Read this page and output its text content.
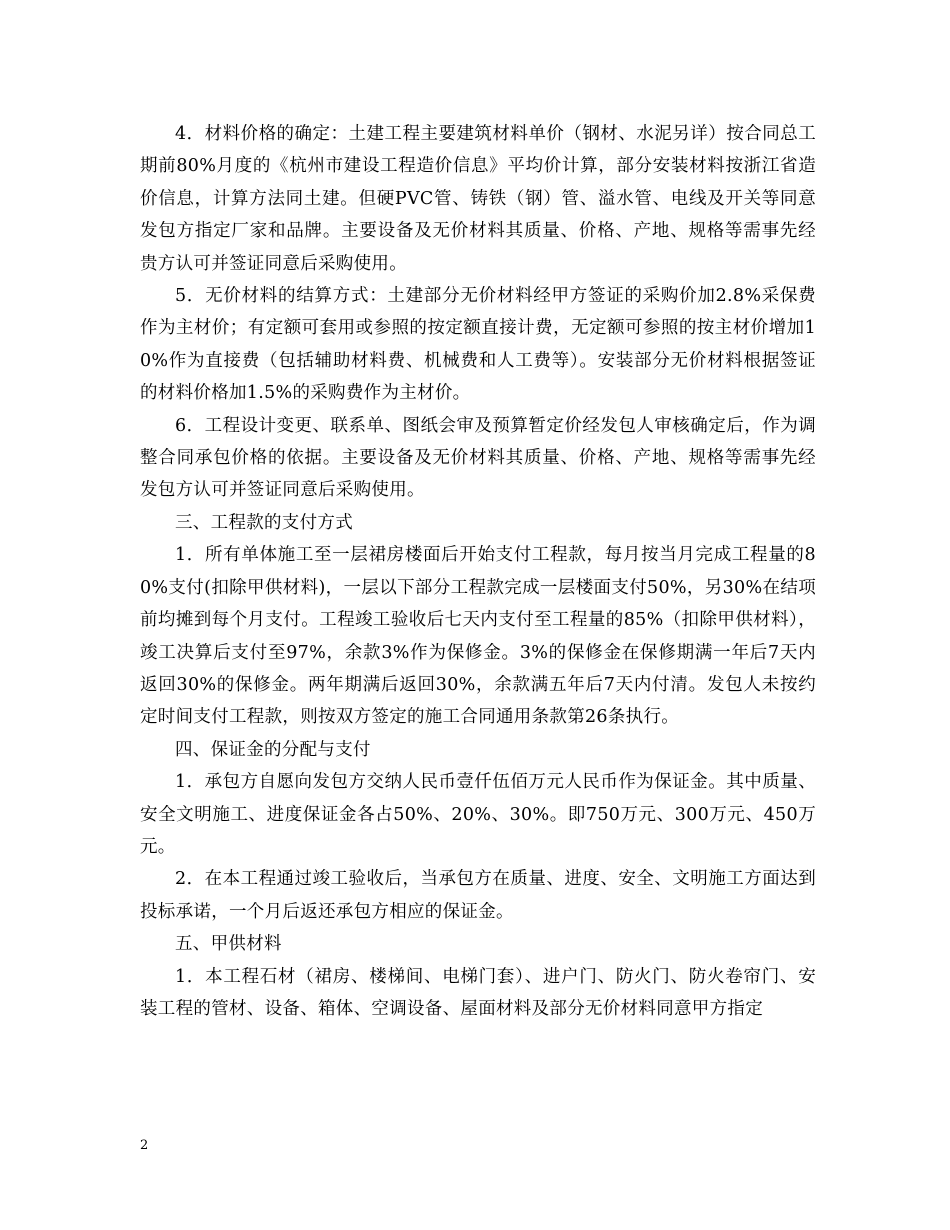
4．材料价格的确定：土建工程主要建筑材料单价（钢材、水泥另详）按合同总工期前80%月度的《杭州市建设工程造价信息》平均价计算，部分安装材料按浙江省造价信息，计算方法同土建。但硬PVC管、铸铁（钢）管、溢水管、电线及开关等同意发包方指定厂家和品牌。主要设备及无价材料其质量、价格、产地、规格等需事先经贵方认可并签证同意后采购使用。

5．无价材料的结算方式：土建部分无价材料经甲方签证的采购价加2.8%采保费作为主材价；有定额可套用或参照的按定额直接计费，无定额可参照的按主材价增加10%作为直接费（包括辅助材料费、机械费和人工费等）。安装部分无价材料根据签证的材料价格加1.5%的采购费作为主材价。

6．工程设计变更、联系单、图纸会审及预算暂定价经发包人审核确定后，作为调整合同承包价格的依据。主要设备及无价材料其质量、价格、产地、规格等需事先经发包方认可并签证同意后采购使用。

三、工程款的支付方式

1．所有单体施工至一层裙房楼面后开始支付工程款，每月按当月完成工程量的80%支付(扣除甲供材料)，一层以下部分工程款完成一层楼面支付50%，另30%在结项前均摊到每个月支付。工程竣工验收后七天内支付至工程量的85%（扣除甲供材料），竣工决算后支付至97%，余款3%作为保修金。3%的保修金在保修期满一年后7天内返回30%的保修金。两年期满后返回30%，余款满五年后7天内付清。发包人未按约定时间支付工程款，则按双方签定的施工合同通用条款第26条执行。

四、保证金的分配与支付

1．承包方自愿向发包方交纳人民币壹仟伍佰万元人民币作为保证金。其中质量、安全文明施工、进度保证金各占50%、20%、30%。即750万元、300万元、450万元。

2．在本工程通过竣工验收后，当承包方在质量、进度、安全、文明施工方面达到投标承诺，一个月后返还承包方相应的保证金。

五、甲供材料

1．本工程石材（裙房、楼梯间、电梯门套）、进户门、防火门、防火卷帘门、安装工程的管材、设备、箱体、空调设备、屋面材料及部分无价材料同意甲方指定

2
